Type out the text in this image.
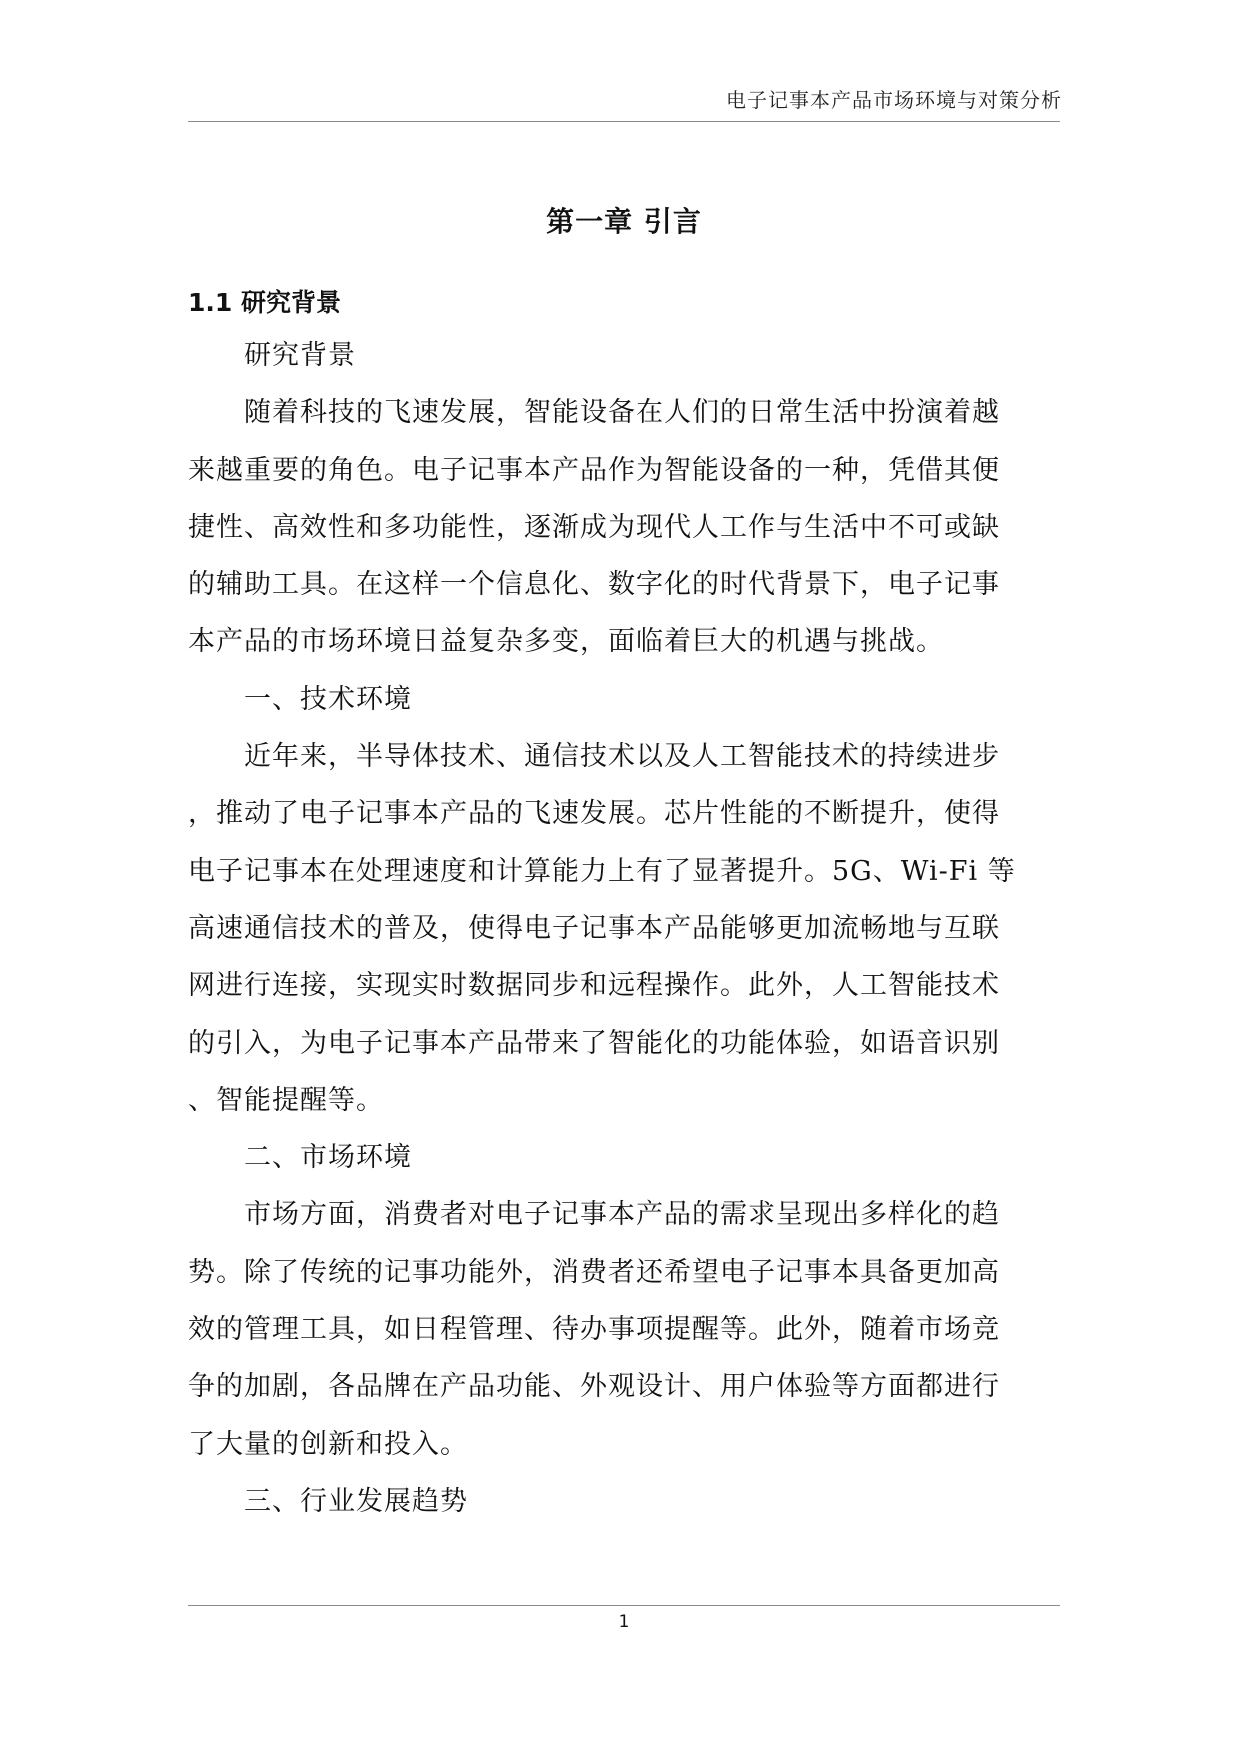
电子记事本产品市场环境与对策分析
第一章 引言
1.1 研究背景

研究背景

随着科技的飞速发展，智能设备在人们的日常生活中扮演着越
来越重要的角色。电子记事本产品作为智能设备的一种，凭借其便
捷性、高效性和多功能性，逐渐成为现代人工作与生活中不可或缺
的辅助工具。在这样一个信息化、数字化的时代背景下，电子记事
本产品的市场环境日益复杂多变，面临着巨大的机遇与挑战。

一、技术环境

近年来，半导体技术、通信技术以及人工智能技术的持续进步
，推动了电子记事本产品的飞速发展。芯片性能的不断提升，使得
电子记事本在处理速度和计算能力上有了显著提升。5G、Wi-Fi 等
高速通信技术的普及，使得电子记事本产品能够更加流畅地与互联
网进行连接，实现实时数据同步和远程操作。此外，人工智能技术
的引入，为电子记事本产品带来了智能化的功能体验，如语音识别
、智能提醒等。

二、市场环境

市场方面，消费者对电子记事本产品的需求呈现出多样化的趋
势。除了传统的记事功能外，消费者还希望电子记事本具备更加高
效的管理工具，如日程管理、待办事项提醒等。此外，随着市场竞
争的加剧，各品牌在产品功能、外观设计、用户体验等方面都进行
了大量的创新和投入。

三、行业发展趋势

1
